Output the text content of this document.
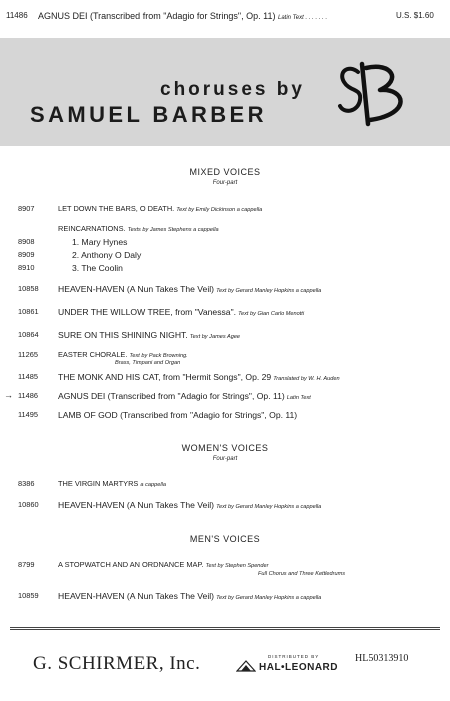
11486 AGNUS DEI (Transcribed from "Adagio for Strings", Op. 11) Latin Text . . . . . . .	U.S. $1.60
choruses by
SAMUEL BARBER
MIXED VOICES
Four-part
8907	LET DOWN THE BARS, O DEATH. Text by Emily Dickinson a cappella
REINCARNATIONS. Texts by James Stephens a cappella
8908	1. Mary Hynes
8909	2. Anthony O Daly
8910	3. The Coolin
10858	HEAVEN-HAVEN (A Nun Takes The Veil) Text by Gerard Manley Hopkins a cappella
10861	UNDER THE WILLOW TREE, from "Vanessa". Text by Gian Carlo Menotti
10864	SURE ON THIS SHINING NIGHT. Text by James Agee
11265	EASTER CHORALE. Text by Pack Browning.
Brass, Timpani and Organ
11485	THE MONK AND HIS CAT, from "Hermit Songs", Op. 29 Translated by W. H. Auden
→ 11486	AGNUS DEI (Transcribed from "Adagio for Strings", Op. 11) Latin Text
11495	LAMB OF GOD (Transcribed from "Adagio for Strings", Op. 11)
WOMEN'S VOICES
Four-part
8386	THE VIRGIN MARTYRS a cappella
10860	HEAVEN-HAVEN (A Nun Takes The Veil) Text by Gerard Manley Hopkins a cappella
MEN'S VOICES
8799	A STOPWATCH AND AN ORDNANCE MAP. Text by Stephen Spender
Full Chorus and Three Kettledrums
10859	HEAVEN-HAVEN (A Nun Takes The Veil) Text by Gerard Manley Hopkins a cappella
G. SCHIRMER, Inc.	DISTRIBUTED BY
HAL•LEONARD
HL50313910
